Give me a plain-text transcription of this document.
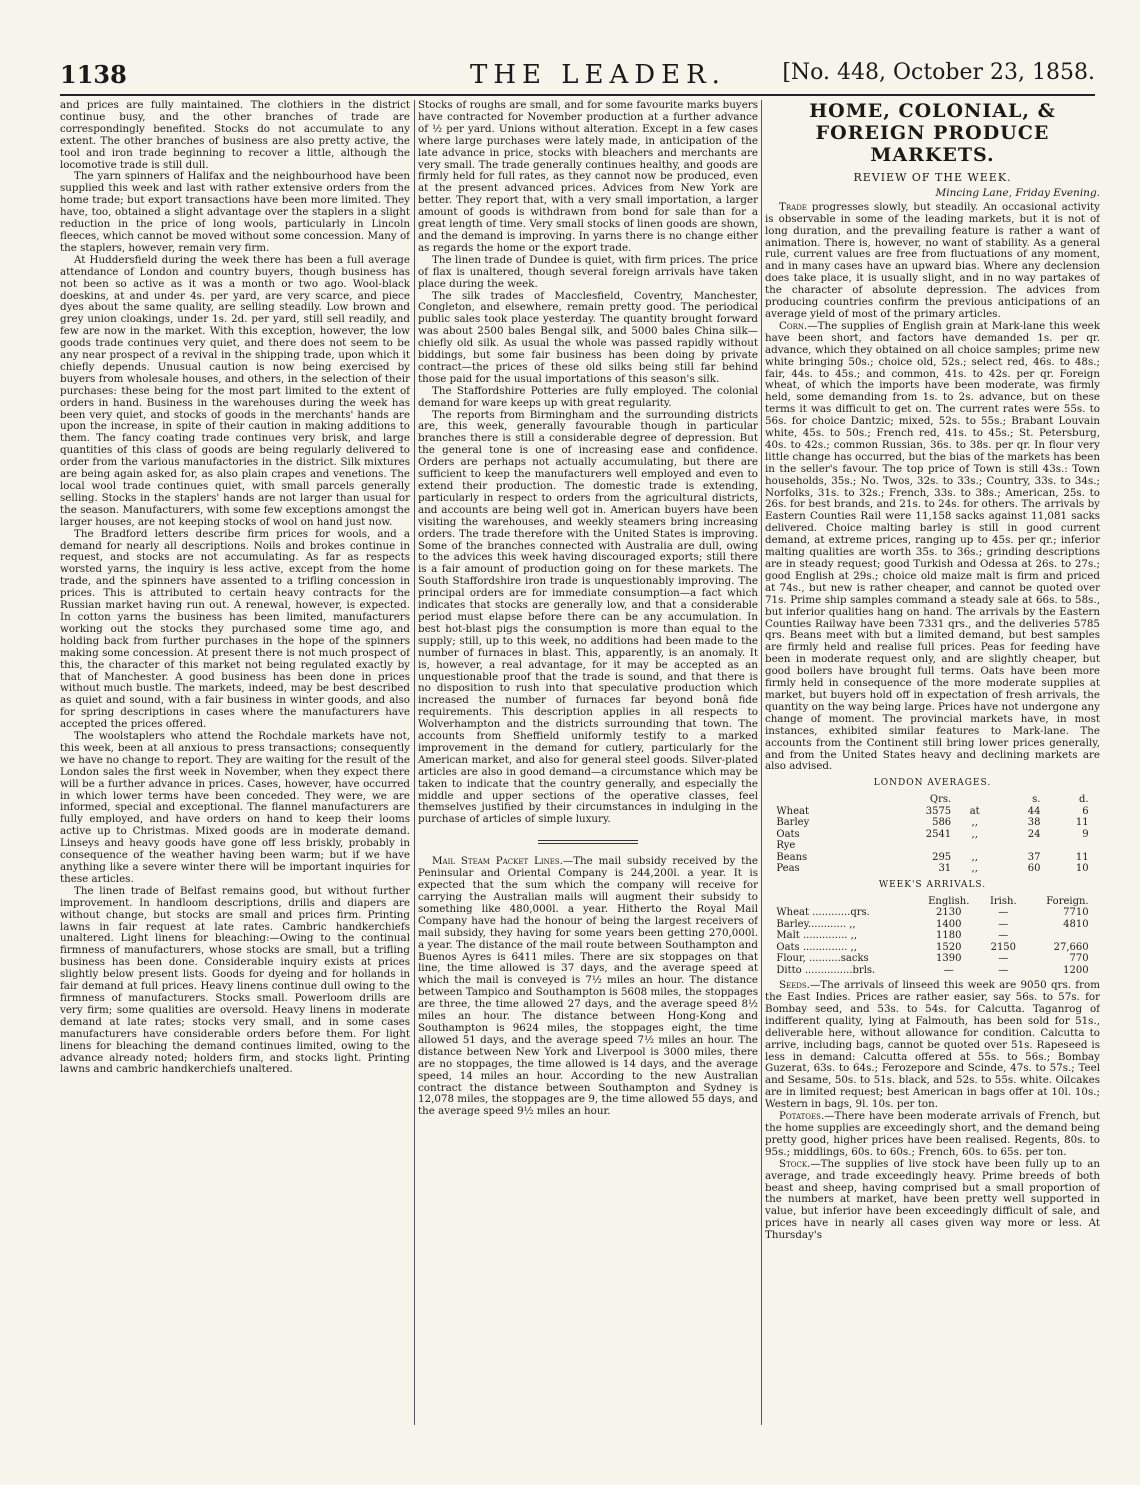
1138	THE LEADER.	[No. 448, October 23, 1858.

and prices are fully maintained. The clothiers in the district continue busy, and the other branches of trade are correspondingly benefited. Stocks do not accumulate to any extent. The other branches of business are also pretty active, the tool and iron trade beginning to recover a little, although the locomotive trade is still dull.

The yarn spinners of Halifax and the neighbourhood have been supplied this week and last with rather extensive orders from the home trade; but export transactions have been more limited. They have, too, obtained a slight advantage over the staplers in a slight reduction in the price of long wools, particularly in Lincoln fleeces, which cannot be moved without some concession. Many of the staplers, however, remain very firm.

At Huddersfield during the week there has been a full average attendance of London and country buyers, though business has not been so active as it was a month or two ago. Wool-black doeskins, at and under 4s. per yard, are very scarce, and piece dyes about the same quality, are selling steadily. Low brown and grey union cloakings, under 1s. 2d. per yard, still sell readily, and few are now in the market. With this exception, however, the low goods trade continues very quiet, and there does not seem to be any near prospect of a revival in the shipping trade, upon which it chiefly depends. Unusual caution is now being exercised by buyers from wholesale houses, and others, in the selection of their purchases: these being for the most part limited to the extent of orders in hand. Business in the warehouses during the week has been very quiet, and stocks of goods in the merchants' hands are upon the increase, in spite of their caution in making additions to them. The fancy coating trade continues very brisk, and large quantities of this class of goods are being regularly delivered to order from the various manufactories in the district. Silk mixtures are being again asked for, as also plain crapes and venetions. The local wool trade continues quiet, with small parcels generally selling. Stocks in the staplers' hands are not larger than usual for the season. Manufacturers, with some few exceptions amongst the larger houses, are not keeping stocks of wool on hand just now.

The Bradford letters describe firm prices for wools, and a demand for nearly all descriptions. Noils and brokes continue in request, and stocks are not accumulating. As far as respects worsted yarns, the inquiry is less active, except from the home trade, and the spinners have assented to a trifling concession in prices. This is attributed to certain heavy contracts for the Russian market having run out. A renewal, however, is expected. In cotton yarns the business has been limited, manufacturers working out the stocks they purchased some time ago, and holding back from further purchases in the hope of the spinners making some concession. At present there is not much prospect of this, the character of this market not being regulated exactly by that of Manchester. A good business has been done in prices without much bustle. The markets, indeed, may be best described as quiet and sound, with a fair business in winter goods, and also for spring descriptions in cases where the manufacturers have accepted the prices offered.

The woolstaplers who attend the Rochdale markets have not, this week, been at all anxious to press transactions; consequently we have no change to report. They are waiting for the result of the London sales the first week in November, when they expect there will be a further advance in prices. Cases, however, have occurred in which lower terms have been conceded. They were, we are informed, special and exceptional. The flannel manufacturers are fully employed, and have orders on hand to keep their looms active up to Christmas. Mixed goods are in moderate demand. Linseys and heavy goods have gone off less briskly, probably in consequence of the weather having been warm; but if we have anything like a severe winter there will be important inquiries for these articles.

The linen trade of Belfast remains good, but without further improvement. In handloom descriptions, drills and diapers are without change, but stocks are small and prices firm. Printing lawns in fair request at late rates. Cambric handkerchiefs unaltered. Light linens for bleaching:—Owing to the continual firmness of manufacturers, whose stocks are small, but a trifling business has been done. Considerable inquiry exists at prices slightly below present lists. Goods for dyeing and for hollands in fair demand at full prices. Heavy linens continue dull owing to the firmness of manufacturers. Stocks small. Powerloom drills are very firm; some qualities are oversold. Heavy linens in moderate demand at late rates; stocks very small, and in some cases manufacturers have considerable orders before them. For light linens for bleaching the demand continues limited, owing to the advance already noted; holders firm, and stocks light. Printing lawns and cambric handkerchiefs unaltered.

Stocks of roughs are small, and for some favourite marks buyers have contracted for November production at a further advance of ½ per yard. Unions without alteration. Except in a few cases where large purchases were lately made, in anticipation of the late advance in price, stocks with bleachers and merchants are very small. The trade generally continues healthy, and goods are firmly held for full rates, as they cannot now be produced, even at the present advanced prices. Advices from New York are better. They report that, with a very small importation, a larger amount of goods is withdrawn from bond for sale than for a great length of time. Very small stocks of linen goods are shown, and the demand is improving. In yarns there is no change either as regards the home or the export trade.

The linen trade of Dundee is quiet, with firm prices. The price of flax is unaltered, though several foreign arrivals have taken place during the week.

The silk trades of Macclesfield, Coventry, Manchester, Congleton, and elsewhere, remain pretty good. The periodical public sales took place yesterday. The quantity brought forward was about 2500 bales Bengal silk, and 5000 bales China silk—chiefly old silk. As usual the whole was passed rapidly without biddings, but some fair business has been doing by private contract—the prices of these old silks being still far behind those paid for the usual importations of this season's silk.

The Staffordshire Potteries are fully employed. The colonial demand for ware keeps up with great regularity.

The reports from Birmingham and the surrounding districts are, this week, generally favourable though in particular branches there is still a considerable degree of depression. But the general tone is one of increasing ease and confidence. Orders are perhaps not actually accumulating, but there are sufficient to keep the manufacturers well employed and even to extend their production. The domestic trade is extending, particularly in respect to orders from the agricultural districts, and accounts are being well got in. American buyers have been visiting the warehouses, and weekly steamers bring increasing orders. The trade therefore with the United States is improving. Some of the branches connected with Australia are dull, owing to the advices this week having discouraged exports; still there is a fair amount of production going on for these markets. The South Staffordshire iron trade is unquestionably improving. The principal orders are for immediate consumption—a fact which indicates that stocks are generally low, and that a considerable period must elapse before there can be any accumulation. In best hot-blast pigs the consumption is more than equal to the supply; still, up to this week, no additions had been made to the number of furnaces in blast. This, apparently, is an anomaly. It is, however, a real advantage, for it may be accepted as an unquestionable proof that the trade is sound, and that there is no disposition to rush into that speculative production which increased the number of furnaces far beyond bonâ fide requirements. This description applies in all respects to Wolverhampton and the districts surrounding that town. The accounts from Sheffield uniformly testify to a marked improvement in the demand for cutlery, particularly for the American market, and also for general steel goods. Silver-plated articles are also in good demand—a circumstance which may be taken to indicate that the country generally, and especially the middle and upper sections of the operative classes, feel themselves justified by their circumstances in indulging in the purchase of articles of simple luxury.

Mail Steam Packet Lines.—The mail subsidy received by the Peninsular and Oriental Company is 244,200l. a year. It is expected that the sum which the company will receive for carrying the Australian mails will augment their subsidy to something like 480,000l. a year. Hitherto the Royal Mail Company have had the honour of being the largest receivers of mail subsidy, they having for some years been getting 270,000l. a year. The distance of the mail route between Southampton and Buenos Ayres is 6411 miles. There are six stoppages on that line, the time allowed is 37 days, and the average speed at which the mail is conveyed is 7½ miles an hour. The distance between Tampico and Southampton is 5608 miles, the stoppages are three, the time allowed 27 days, and the average speed 8½ miles an hour. The distance between Hong-Kong and Southampton is 9624 miles, the stoppages eight, the time allowed 51 days, and the average speed 7½ miles an hour. The distance between New York and Liverpool is 3000 miles, there are no stoppages, the time allowed is 14 days, and the average speed, 14 miles an hour. According to the new Australian contract the distance between Southampton and Sydney is 12,078 miles, the stoppages are 9, the time allowed 55 days, and the average speed 9½ miles an hour.

HOME, COLONIAL, & FOREIGN PRODUCE MARKETS.
REVIEW OF THE WEEK.
Mincing Lane, Friday Evening.

Trade progresses slowly, but steadily. An occasional activity is observable in some of the leading markets, but it is not of long duration, and the prevailing feature is rather a want of animation. There is, however, no want of stability. As a general rule, current values are free from fluctuations of any moment, and in many cases have an upward bias. Where any declension does take place, it is usually slight, and in no way partakes of the character of absolute depression. The advices from producing countries confirm the previous anticipations of an average yield of most of the primary articles.

Corn.—The supplies of English grain at Mark-lane this week have been short, and factors have demanded 1s. per qr. advance, which they obtained on all choice samples; prime new white bringing 50s.; choice old, 52s.; select red, 46s. to 48s.; fair, 44s. to 45s.; and common, 41s. to 42s. per qr. Foreign wheat, of which the imports have been moderate, was firmly held, some demanding from 1s. to 2s. advance, but on these terms it was difficult to get on. The current rates were 55s. to 56s. for choice Dantzic; mixed, 52s. to 55s.; Brabant Louvain white, 45s. to 50s.; French red, 41s. to 45s.; St. Petersburg, 40s. to 42s.; common Russian, 36s. to 38s. per qr. In flour very little change has occurred, but the bias of the markets has been in the seller's favour. The top price of Town is still 43s.: Town households, 35s.; No. Twos, 32s. to 33s.; Country, 33s. to 34s.; Norfolks, 31s. to 32s.; French, 33s. to 38s.; American, 25s. to 26s. for best brands, and 21s. to 24s. for others. The arrivals by Eastern Counties Rail were 11,158 sacks against 11,081 sacks delivered. Choice malting barley is still in good current demand, at extreme prices, ranging up to 45s. per qr.; inferior malting qualities are worth 35s. to 36s.; grinding descriptions are in steady request; good Turkish and Odessa at 26s. to 27s.; good English at 29s.; choice old maize malt is firm and priced at 74s., but new is rather cheaper, and cannot be quoted over 71s. Prime ship samples command a steady sale at 66s. to 58s., but inferior qualities hang on hand. The arrivals by the Eastern Counties Railway have been 7331 qrs., and the deliveries 5785 qrs. Beans meet with but a limited demand, but best samples are firmly held and realise full prices. Peas for feeding have been in moderate request only, and are slightly cheaper, but good boilers have brought full terms. Oats have been more firmly held in consequence of the more moderate supplies at market, but buyers hold off in expectation of fresh arrivals, the quantity on the way being large. Prices have not undergone any change of moment. The provincial markets have, in most instances, exhibited similar features to Mark-lane. The accounts from the Continent still bring lower prices generally, and from the United States heavy and declining markets are also advised.

LONDON AVERAGES.
	Qrs.		s.	d.
Wheat	3575	at	44	6
Barley	586	,,	38	11
Oats	2541	,,	24	9
Rye				
Beans	295	,,	37	11
Peas	31	,,	60	10
WEEK'S ARRIVALS.
	English.	Irish.	Foreign.
Wheat ............qrs.	2130	—	7710
Barley............ ,,	1400	—	4810
Malt .............. ,,	1180	—	
Oats .............. ,,	1520	2150	27,660
Flour, ..........sacks	1390	—	770
Ditto ...............brls.	—	—	1200

Seeds.—The arrivals of linseed this week are 9050 qrs. from the East Indies. Prices are rather easier, say 56s. to 57s. for Bombay seed, and 53s. to 54s. for Calcutta. Taganrog of indifferent quality, lying at Falmouth, has been sold for 51s., deliverable here, without allowance for condition. Calcutta to arrive, including bags, cannot be quoted over 51s. Rapeseed is less in demand: Calcutta offered at 55s. to 56s.; Bombay Guzerat, 63s. to 64s.; Ferozepore and Scinde, 47s. to 57s.; Teel and Sesame, 50s. to 51s. black, and 52s. to 55s. white. Oilcakes are in limited request; best American in bags offer at 10l. 10s.; Western in bags, 9l. 10s. per ton.

Potatoes.—There have been moderate arrivals of French, but the home supplies are exceedingly short, and the demand being pretty good, higher prices have been realised. Regents, 80s. to 95s.; middlings, 60s. to 60s.; French, 60s. to 65s. per ton.

Stock.—The supplies of live stock have been fully up to an average, and trade exceedingly heavy. Prime breeds of both beast and sheep, having comprised but a small proportion of the numbers at market, have been pretty well supported in value, but inferior have been exceedingly difficult of sale, and prices have in nearly all cases given way more or less. At Thursday's
